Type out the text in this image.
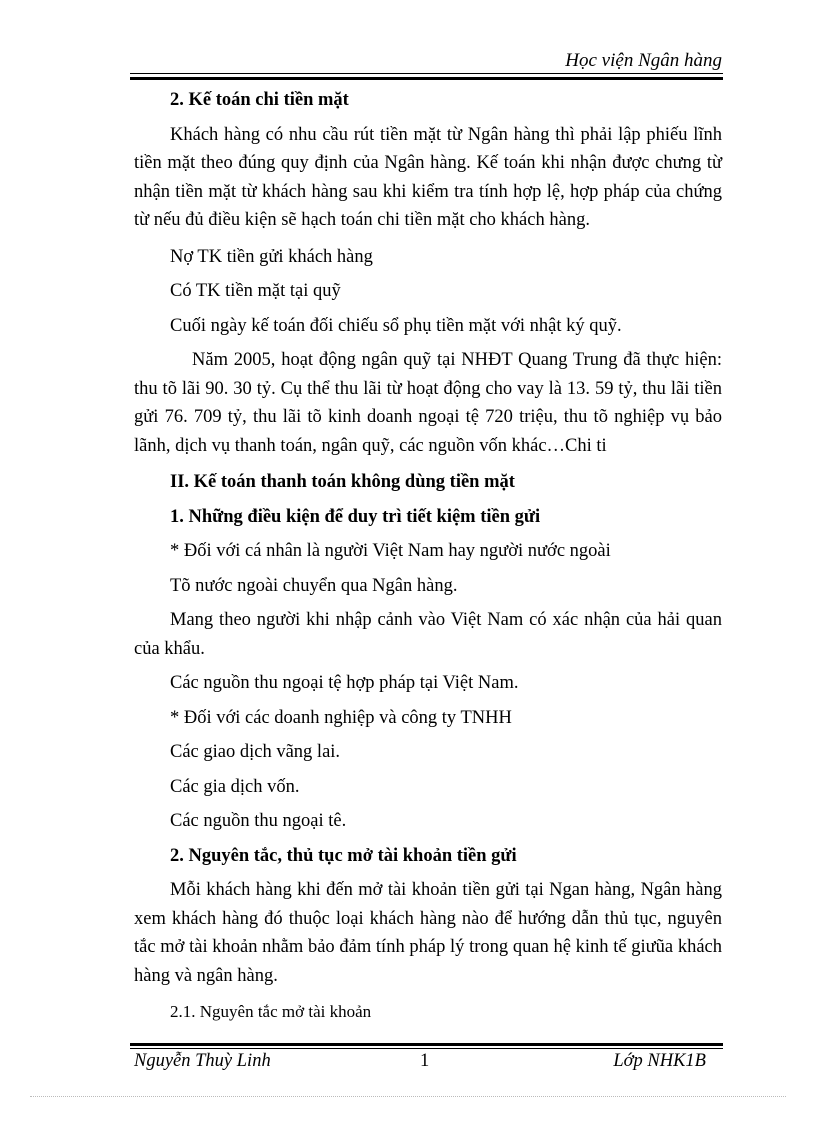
Học viện Ngân hàng

2. Kế toán chi tiền mặt

Khách hàng có nhu cầu rút tiền mặt từ Ngân hàng thì phải lập phiếu lĩnh tiền mặt theo đúng quy định của Ngân hàng. Kế toán khi nhận được chưng từ nhận tiền mặt từ khách hàng sau khi kiểm tra tính hợp lệ, hợp pháp của chứng từ nếu đủ điều kiện sẽ hạch toán chi tiền mặt cho khách hàng.

Nợ TK tiền gửi khách hàng

Có TK tiền mặt tại quỹ

Cuối ngày kế toán đối chiếu sổ phụ tiền mặt với nhật ký quỹ.

Năm 2005, hoạt động ngân quỹ tại NHĐT Quang Trung đã thực hiện: thu tõ lãi 90. 30 tỷ. Cụ thể thu lãi từ hoạt động cho vay là 13. 59 tỷ, thu lãi tiền gửi 76. 709 tỷ, thu lãi tõ kinh doanh ngoại tệ 720 triệu, thu tõ nghiệp vụ bảo lãnh, dịch vụ thanh toán, ngân quỹ, các nguồn vốn khác…Chi ti

II. Kế toán thanh toán không dùng tiền mặt

1. Những điều kiện để duy trì tiết kiệm tiền gửi

* Đối với cá nhân là người Việt Nam hay người nước ngoài

Tõ nước ngoài chuyển qua Ngân hàng.

Mang theo người khi nhập cảnh vào Việt Nam có xác nhận của hải quan của khẩu.

Các nguồn thu ngoại tệ hợp pháp tại Việt Nam.

* Đối với các doanh nghiệp và công ty TNHH

Các giao dịch vãng lai.

Các gia dịch vốn.

Các nguồn thu ngoại tê.

2. Nguyên tắc, thủ tục mở tài khoản tiền gửi

Mỗi khách hàng khi đến mở tài khoản tiền gửi tại Ngan hàng, Ngân hàng xem khách hàng đó thuộc loại khách hàng nào để hướng dẫn thủ tục, nguyên tắc mở tài khoản nhằm bảo đảm tính pháp lý trong quan hệ kinh tế giưũa khách hàng và ngân hàng.

2.1. Nguyên tắc mở tài khoản

Nguyễn Thuỳ Linh	1	Lớp NHK1B
